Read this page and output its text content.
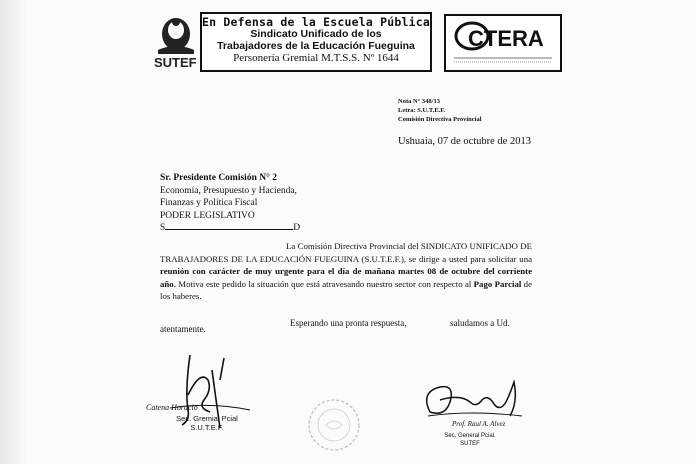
SUTEF
En Defensa de la Escuela Pública
Sindicato Unificado de los
Trabajadores de la Educación Fueguina
Personería Gremial M.T.S.S. Nº 1644
CTERA
Nota N° 348/13
Letra: S.U.T.E.F.
Comisión Directiva Provincial
Ushuaia, 07 de octubre de 2013
Sr. Presidente Comisión N° 2
Economía, Presupuesto y Hacienda,
Finanzas y Política Fiscal
PODER LEGISLATIVO
S	D
La Comisión Directiva Provincial del SINDICATO UNIFICADO DE TRABAJADORES DE LA EDUCACIÓN FUEGUINA (S.U.T.E.F.), se dirige a usted para solicitar una reunión con carácter de muy urgente para el día de mañana martes 08 de octubre del corriente año. Motiva este pedido la situación que está atravesando nuestro sector con respecto al Pago Parcial de los haberes.
Esperando una pronta respuesta,	saludamos a Ud.
atentamente.
Catena Horacio
Sec. Gremial Pcial
S.U.T.E.F.	Prof. Raul A. Alvez
Sec. General Pcial.
SUTEF
